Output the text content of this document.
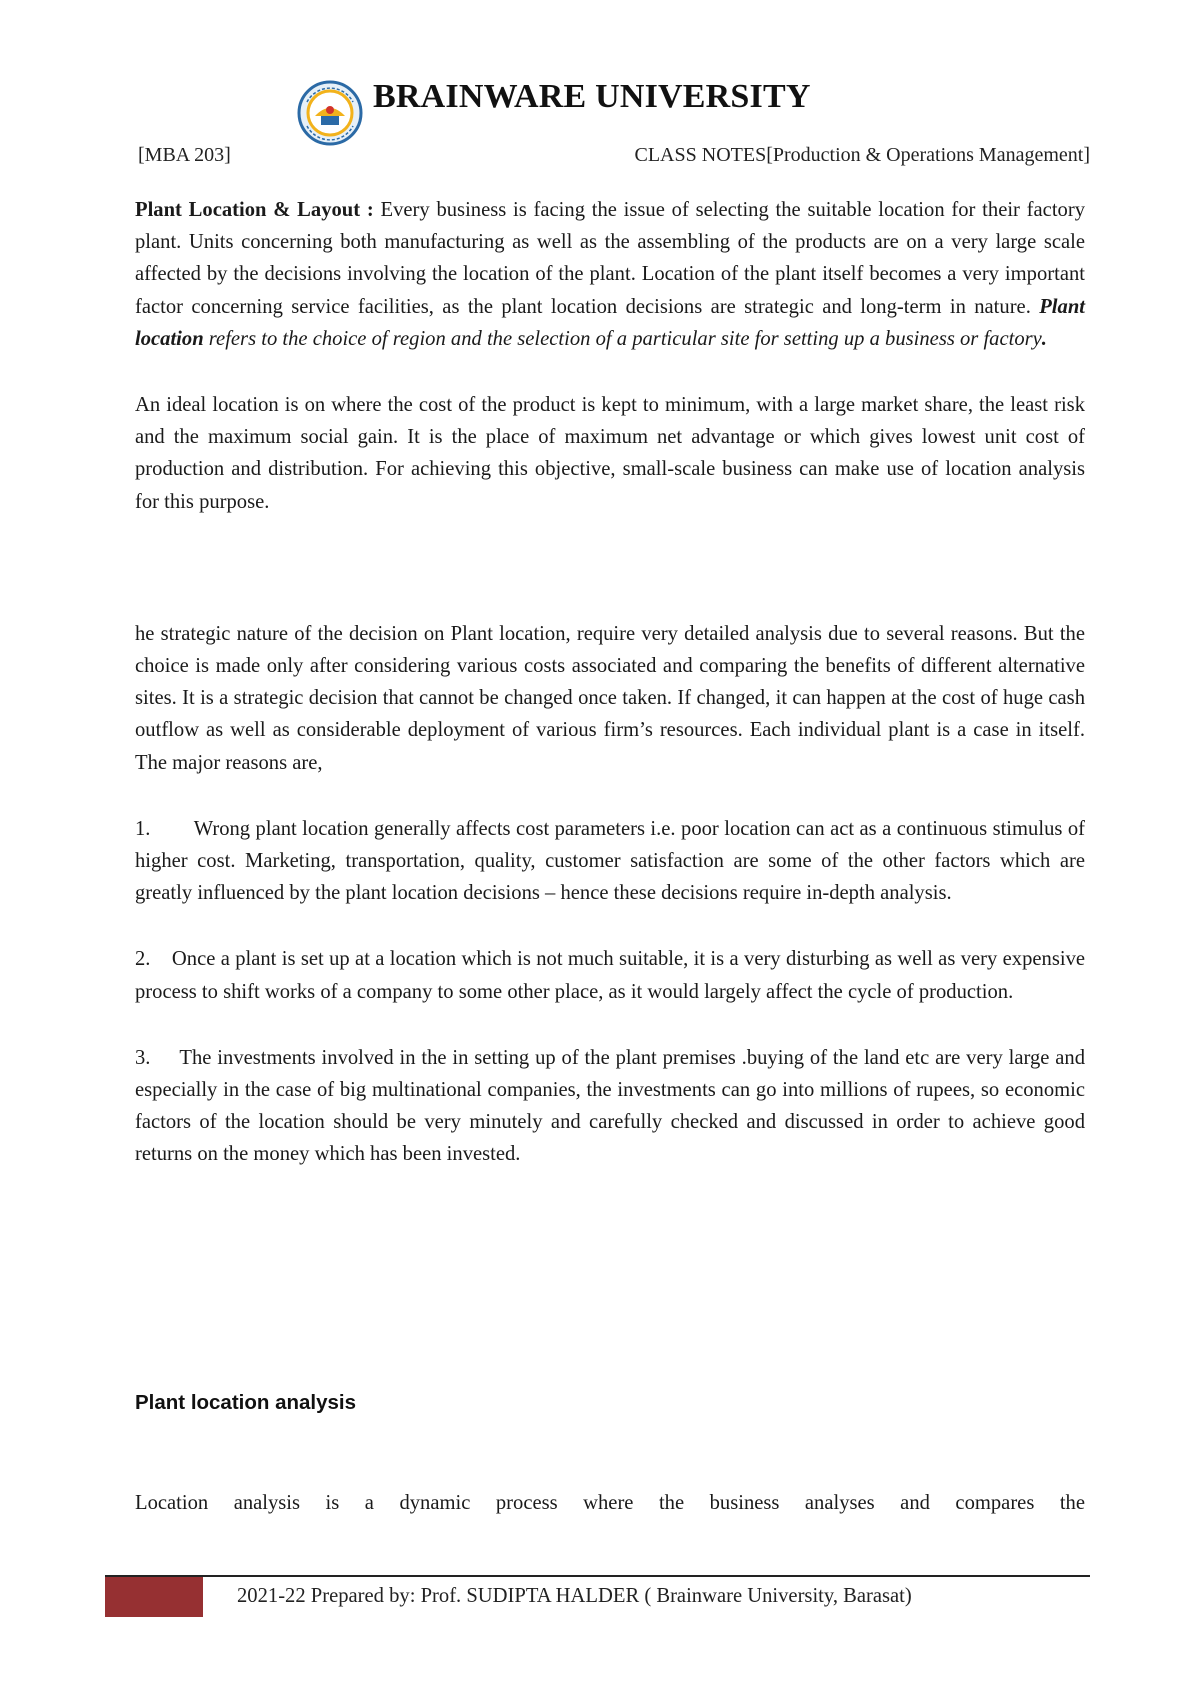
BRAINWARE UNIVERSITY
[MBA 203]	CLASS NOTES[Production & Operations Management]

Plant Location & Layout : Every business is facing the issue of selecting the suitable location for their factory plant. Units concerning both manufacturing as well as the assembling of the products are on a very large scale affected by the decisions involving the location of the plant. Location of the plant itself becomes a very important factor concerning service facilities, as the plant location decisions are strategic and long-term in nature. Plant location refers to the choice of region and the selection of a particular site for setting up a business or factory.

An ideal location is on where the cost of the product is kept to minimum, with a large market share, the least risk and the maximum social gain. It is the place of maximum net advantage or which gives lowest unit cost of production and distribution. For achieving this objective, small-scale business can make use of location analysis for this purpose.

he strategic nature of the decision on Plant location, require very detailed analysis due to several reasons. But the choice is made only after considering various costs associated and comparing the benefits of different alternative sites. It is a strategic decision that cannot be changed once taken. If changed, it can happen at the cost of huge cash outflow as well as considerable deployment of various firm’s resources. Each individual plant is a case in itself. The major reasons are,

1. Wrong plant location generally affects cost parameters i.e. poor location can act as a continuous stimulus of higher cost. Marketing, transportation, quality, customer satisfaction are some of the other factors which are greatly influenced by the plant location decisions – hence these decisions require in-depth analysis.

2. Once a plant is set up at a location which is not much suitable, it is a very disturbing as well as very expensive process to shift works of a company to some other place, as it would largely affect the cycle of production.

3. The investments involved in the in setting up of the plant premises .buying of the land etc are very large and especially in the case of big multinational companies, the investments can go into millions of rupees, so economic factors of the location should be very minutely and carefully checked and discussed in order to achieve good returns on the money which has been invested.

Plant location analysis
Location analysis is a dynamic process where the business analyses and compares the
2021-22 Prepared by: Prof. SUDIPTA HALDER ( Brainware University, Barasat)
